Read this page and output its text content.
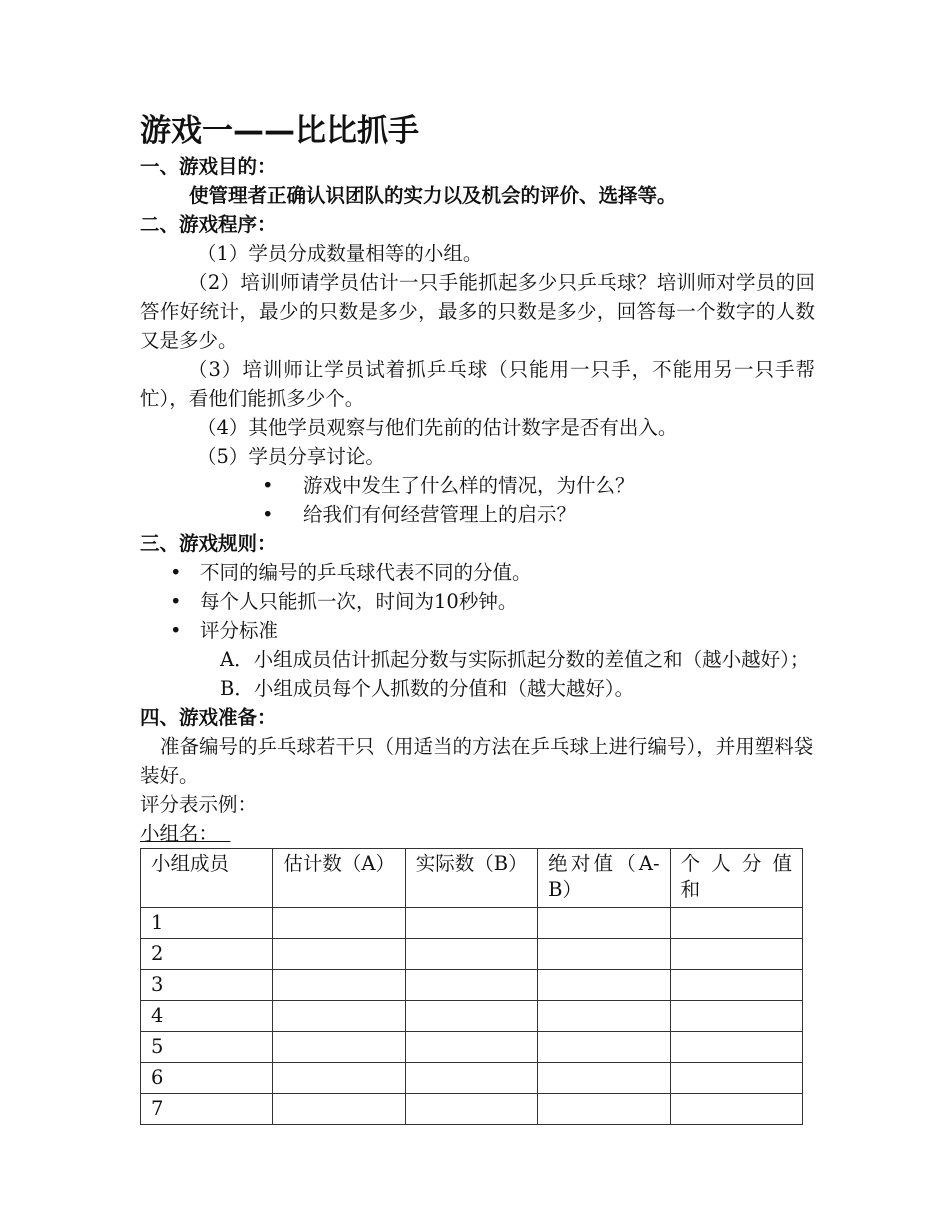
游戏一——比比抓手

一、游戏目的：

使管理者正确认识团队的实力以及机会的评价、选择等。

二、游戏程序：

（1）学员分成数量相等的小组。

（2）培训师请学员估计一只手能抓起多少只乒乓球？培训师对学员的回答作好统计，最少的只数是多少，最多的只数是多少，回答每一个数字的人数又是多少。

（3）培训师让学员试着抓乒乓球（只能用一只手，不能用另一只手帮忙），看他们能抓多少个。

（4）其他学员观察与他们先前的估计数字是否有出入。

（5）学员分享讨论。

• 游戏中发生了什么样的情况，为什么？

• 给我们有何经营管理上的启示？

三、游戏规则：

• 不同的编号的乒乓球代表不同的分值。

• 每个人只能抓一次，时间为10秒钟。

• 评分标准

A．小组成员估计抓起分数与实际抓起分数的差值之和（越小越好）；

B．小组成员每个人抓数的分值和（越大越好）。

四、游戏准备：

准备编号的乒乓球若干只（用适当的方法在乒乓球上进行编号），并用塑料袋装好。

评分表示例：

小组名：

小组成员	估计数（A）	实际数（B）	绝对值（A-B）	个 人 分 值和
1				
2				
3				
4				
5				
6				
7				
